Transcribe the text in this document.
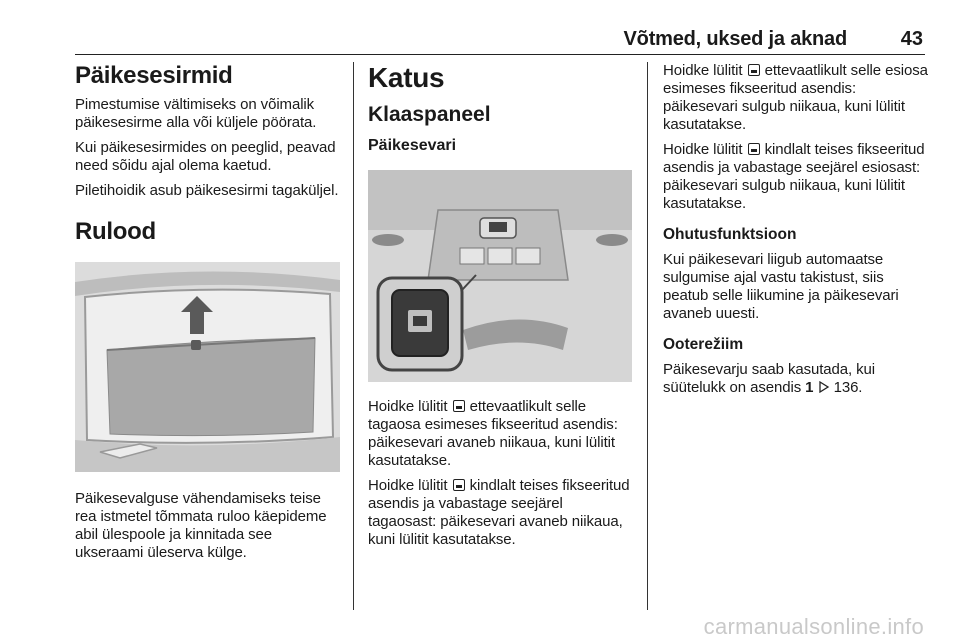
Võtmed, uksed ja aknad	43
Päikesesirmid

Pimestumise vältimiseks on võimalik päikesesirme alla või küljele pöörata.

Kui päikesesirmides on peeglid, peavad need sõidu ajal olema kaetud.

Piletihoidik asub päikesesirmi tagaküljel.

Rulood

Päikesevalguse vähendamiseks teise rea istmetel tõmmata ruloo käepideme abil ülespoole ja kinnitada see ukseraami üleserva külge.

Katus
Klaaspaneel
Päikesevari

Hoidke lülitit ettevaatlikult selle tagaosa esimeses fikseeritud asendis: päikesevari avaneb niikaua, kuni lülitit kasutatakse.

Hoidke lülitit kindlalt teises fikseeritud asendis ja vabastage seejärel tagaosast: päikesevari avaneb niikaua, kuni lülitit kasutatakse.

Hoidke lülitit ettevaatlikult selle esiosa esimeses fikseeritud asendis: päikesevari sulgub niikaua, kuni lülitit kasutatakse.

Hoidke lülitit kindlalt teises fikseeritud asendis ja vabastage seejärel esiosast: päikesevari sulgub niikaua, kuni lülitit kasutatakse.

Ohutusfunktsioon

Kui päikesevari liigub automaatse sulgumise ajal vastu takistust, siis peatub selle liikumine ja päikesevari avaneb uuesti.

Ooterežiim

Päikesevarju saab kasutada, kui süütelukk on asendis 1 136.

carmanualsonline.info
